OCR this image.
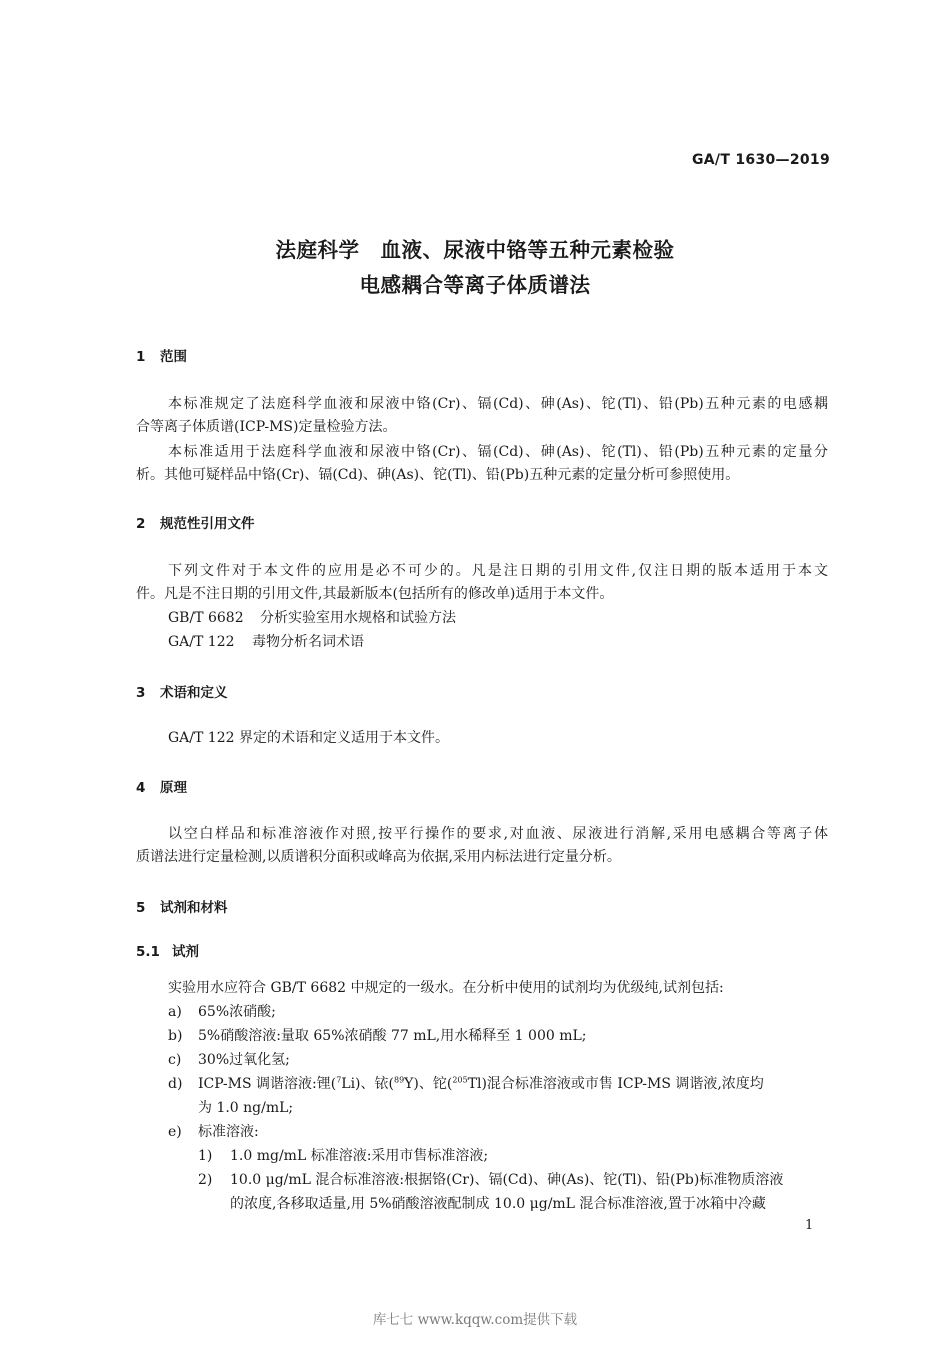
GA/T 1630—2019
法庭科学　血液、尿液中铬等五种元素检验
电感耦合等离子体质谱法
1 范围
本标准规定了法庭科学血液和尿液中铬(Cr)、镉(Cd)、砷(As)、铊(Tl)、铅(Pb)五种元素的电感耦
合等离子体质谱(ICP-MS)定量检验方法。
本标准适用于法庭科学血液和尿液中铬(Cr)、镉(Cd)、砷(As)、铊(Tl)、铅(Pb)五种元素的定量分
析。其他可疑样品中铬(Cr)、镉(Cd)、砷(As)、铊(Tl)、铅(Pb)五种元素的定量分析可参照使用。
2 规范性引用文件
下列文件对于本文件的应用是必不可少的。凡是注日期的引用文件,仅注日期的版本适用于本文
件。凡是不注日期的引用文件,其最新版本(包括所有的修改单)适用于本文件。
GB/T 6682 分析实验室用水规格和试验方法
GA/T 122 毒物分析名词术语
3 术语和定义
GA/T 122 界定的术语和定义适用于本文件。
4 原理
以空白样品和标准溶液作对照,按平行操作的要求,对血液、尿液进行消解,采用电感耦合等离子体
质谱法进行定量检测,以质谱积分面积或峰高为依据,采用内标法进行定量分析。
5 试剂和材料
5.1 试剂
实验用水应符合 GB/T 6682 中规定的一级水。在分析中使用的试剂均为优级纯,试剂包括:
a) 65%浓硝酸;
b) 5%硝酸溶液:量取 65%浓硝酸 77 mL,用水稀释至 1 000 mL;
c) 30%过氧化氢;
d) ICP-MS 调谐溶液:锂($^7$Li)、铱($^{89}$Y)、铊($^{205}$Tl)混合标准溶液或市售 ICP-MS 调谐液,浓度均
为 1.0 ng/mL;
e) 标准溶液:
1) 1.0 mg/mL 标准溶液:采用市售标准溶液;
2) 10.0 μg/mL 混合标准溶液:根据铬(Cr)、镉(Cd)、砷(As)、铊(Tl)、铅(Pb)标准物质溶液
的浓度,各移取适量,用 5%硝酸溶液配制成 10.0 μg/mL 混合标准溶液,置于冰箱中冷藏
1
库七七 www.kqqw.com提供下载
